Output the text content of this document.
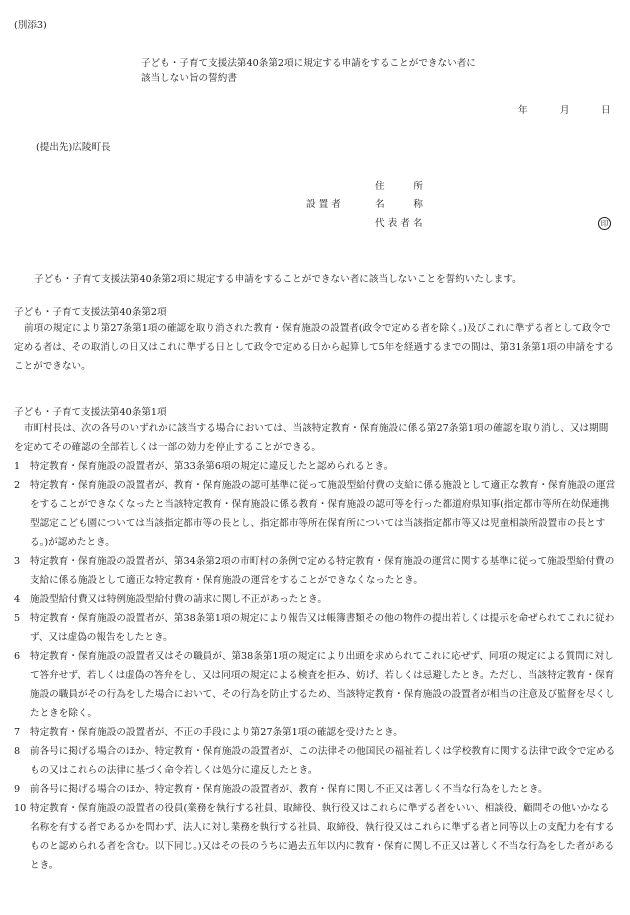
(別添3)
子ども・子育て支援法第40条第2項に規定する申請をすることができない者に
該当しない旨の誓約書
年	月	日
(提出先)広陵町長
設 置 者
住　　　所
名　　　称
代 表 者 名	印
子ども・子育て支援法第40条第2項に規定する申請をすることができない者に該当しないことを誓約いたします。
子ども・子育て支援法第40条第2項

前項の規定により第27条第1項の確認を取り消された教育・保育施設の設置者(政令で定める者を除く。)及びこれに準ずる者として政令で定める者は、その取消しの日又はこれに準ずる日として政令で定める日から起算して5年を経過するまでの間は、第31条第1項の申請をすることができない。

子ども・子育て支援法第40条第1項

市町村長は、次の各号のいずれかに該当する場合においては、当該特定教育・保育施設に係る第27条第1項の確認を取り消し、又は期間を定めてその確認の全部若しくは一部の効力を停止することができる。

1	特定教育・保育施設の設置者が、第33条第6項の規定に違反したと認められるとき。
2	特定教育・保育施設の設置者が、教育・保育施設の認可基準に従って施設型給付費の支給に係る施設として適正な教育・保育施設の運営をすることができなくなったと当該特定教育・保育施設に係る教育・保育施設の認可等を行った都道府県知事(指定都市等所在幼保連携型認定こども園については当該指定都市等の長とし、指定都市等所在保育所については当該指定都市等又は児童相談所設置市の長とする。)が認めたとき。
3	特定教育・保育施設の設置者が、第34条第2項の市町村の条例で定める特定教育・保育施設の運営に関する基準に従って施設型給付費の支給に係る施設として適正な特定教育・保育施設の運営をすることができなくなったとき。
4	施設型給付費又は特例施設型給付費の請求に関し不正があったとき。
5	特定教育・保育施設の設置者が、第38条第1項の規定により報告又は帳簿書類その他の物件の提出若しくは提示を命ぜられてこれに従わず、又は虚偽の報告をしたとき。
6	特定教育・保育施設の設置者又はその職員が、第38条第1項の規定により出頭を求められてこれに応ぜず、同項の規定による質問に対して答弁せず、若しくは虚偽の答弁をし、又は同項の規定による検査を拒み、妨げ、若しくは忌避したとき。ただし、当該特定教育・保育施設の職員がその行為をした場合において、その行為を防止するため、当該特定教育・保育施設の設置者が相当の注意及び監督を尽くしたときを除く。
7	特定教育・保育施設の設置者が、不正の手段により第27条第1項の確認を受けたとき。
8	前各号に掲げる場合のほか、特定教育・保育施設の設置者が、この法律その他国民の福祉若しくは学校教育に関する法律で政令で定めるもの又はこれらの法律に基づく命令若しくは処分に違反したとき。
9	前各号に掲げる場合のほか、特定教育・保育施設の設置者が、教育・保育に関し不正又は著しく不当な行為をしたとき。
10 特定教育・保育施設の設置者の役員(業務を執行する社員、取締役、執行役又はこれらに準ずる者をいい、相談役、顧問その他いかなる名称を有する者であるかを問わず、法人に対し業務を執行する社員、取締役、執行役又はこれらに準ずる者と同等以上の支配力を有するものと認められる者を含む。以下同じ。)又はその長のうちに過去五年以内に教育・保育に関し不正又は著しく不当な行為をした者があるとき。
